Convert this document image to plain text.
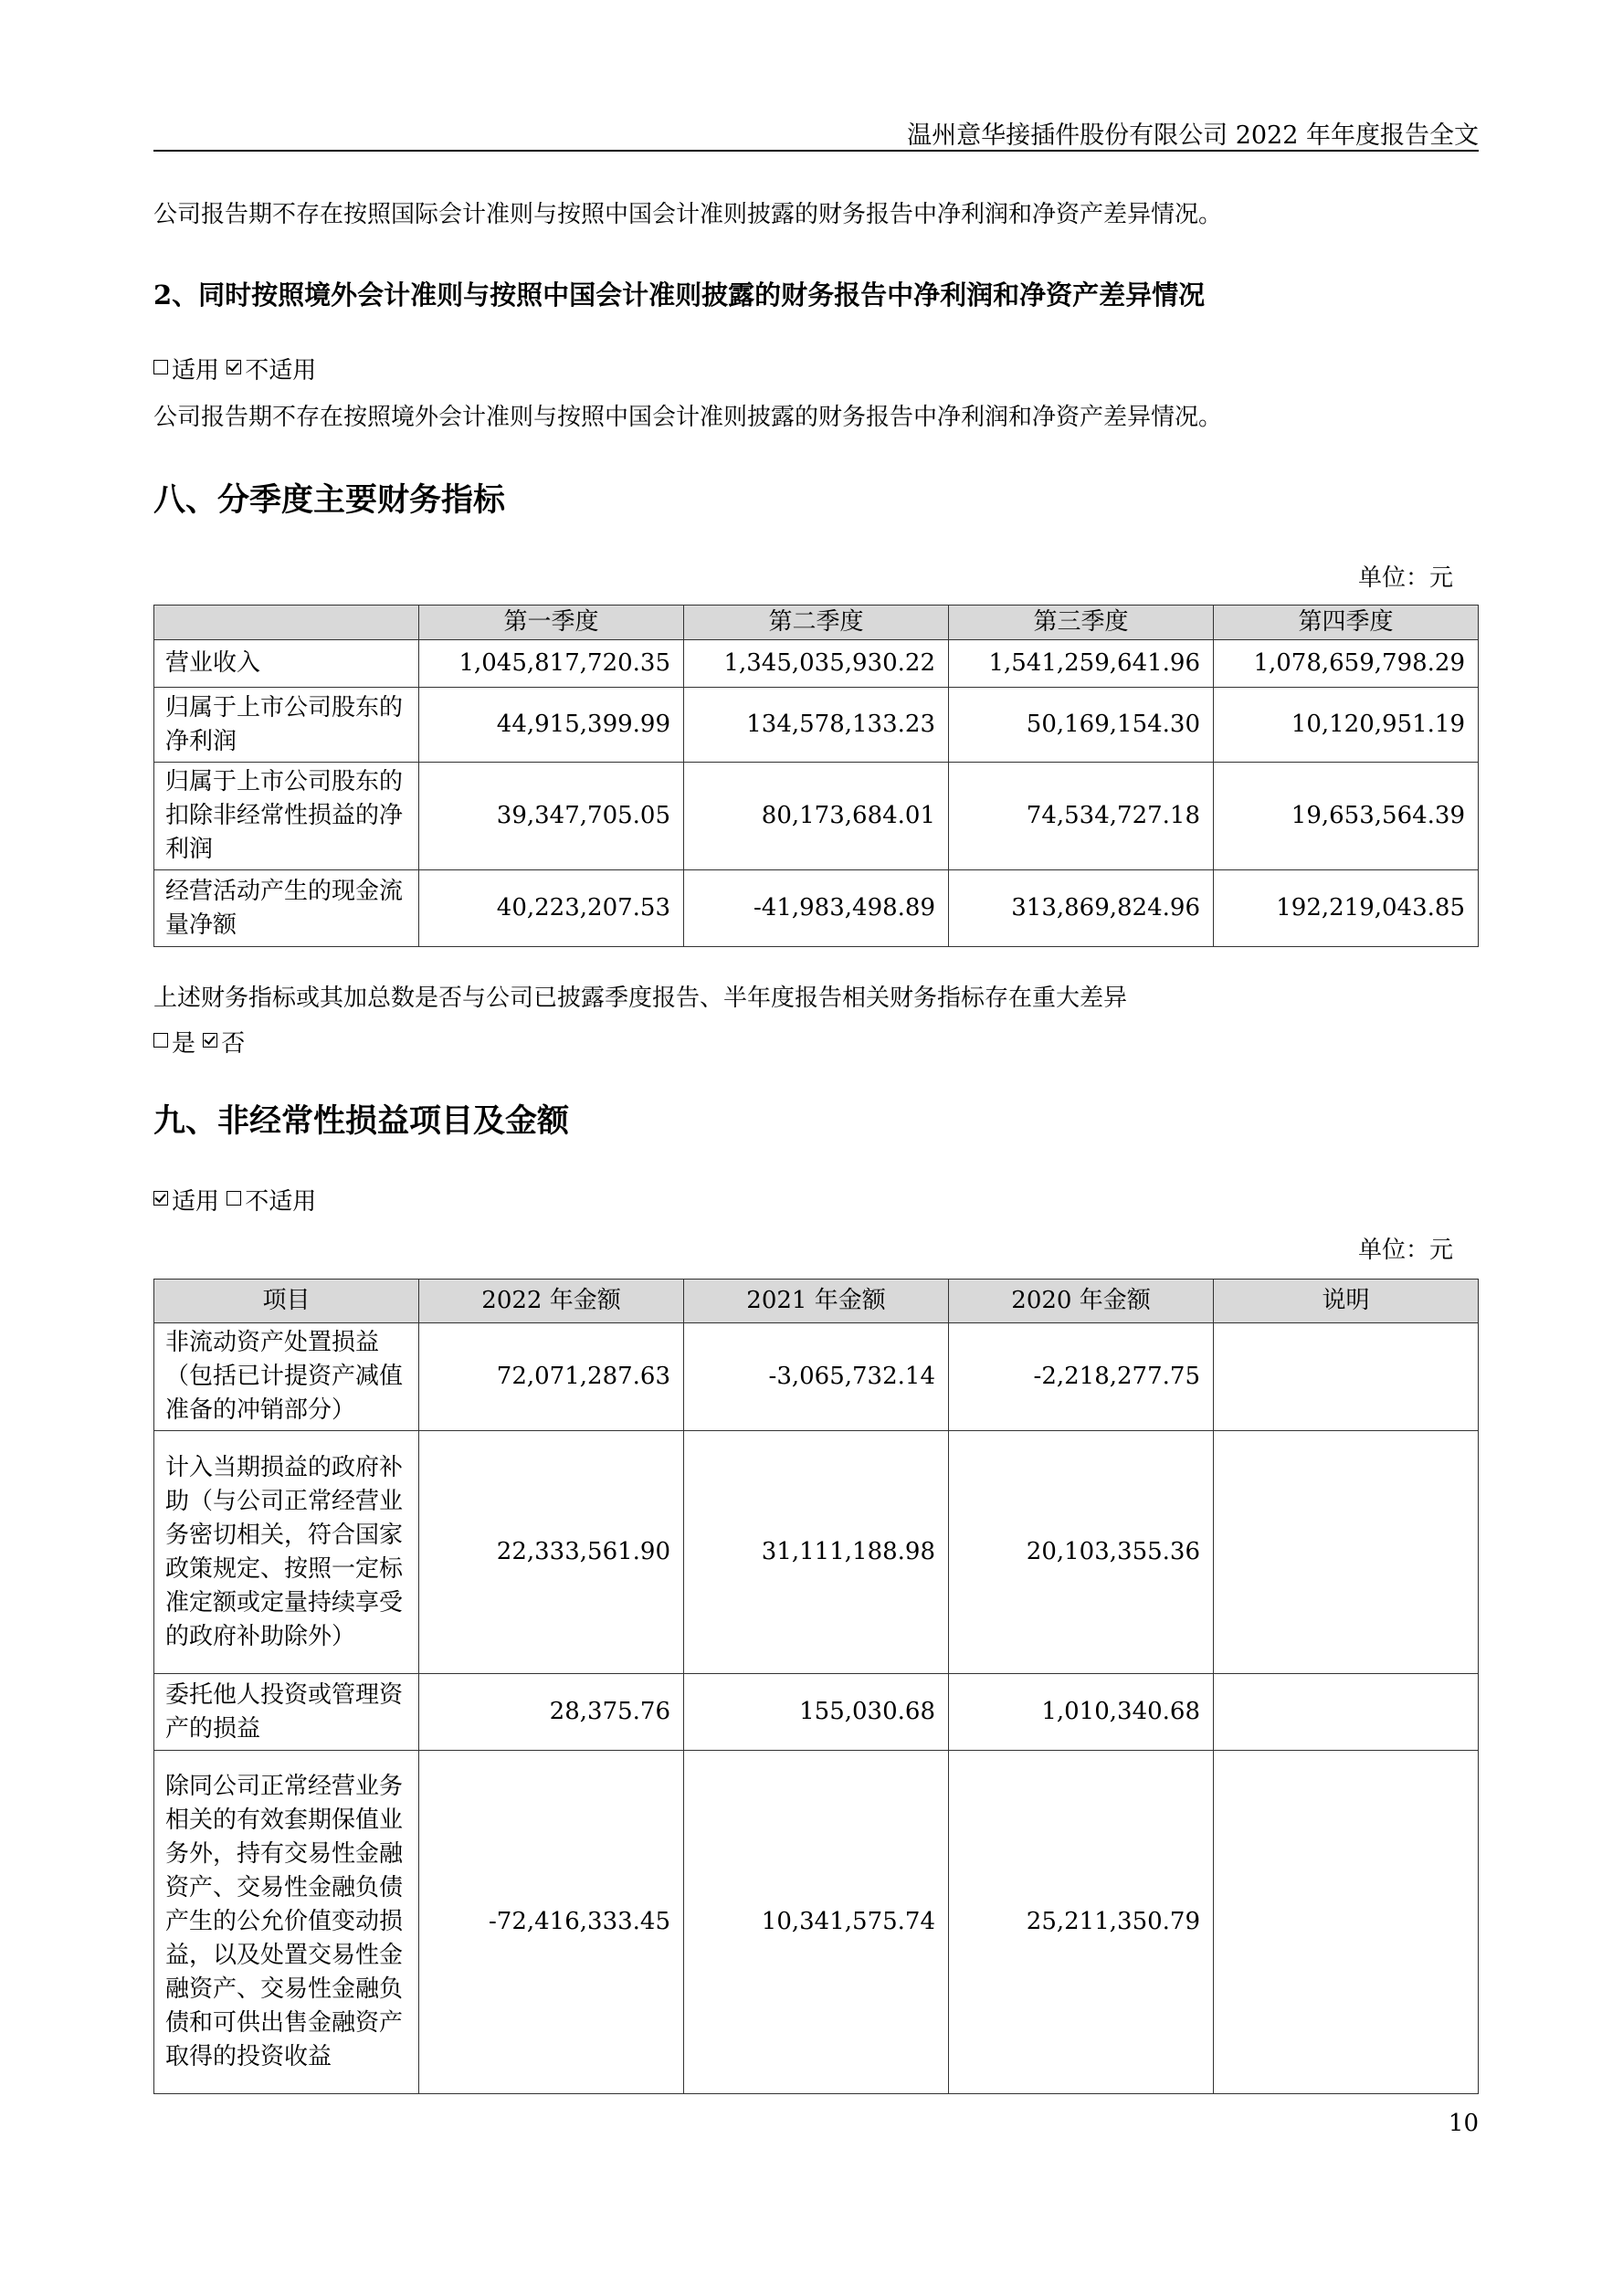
温州意华接插件股份有限公司 2022 年年度报告全文
公司报告期不存在按照国际会计准则与按照中国会计准则披露的财务报告中净利润和净资产差异情况。
2、同时按照境外会计准则与按照中国会计准则披露的财务报告中净利润和净资产差异情况
适用 不适用
公司报告期不存在按照境外会计准则与按照中国会计准则披露的财务报告中净利润和净资产差异情况。
八、分季度主要财务指标
单位：元
	第一季度	第二季度	第三季度	第四季度
营业收入	1,045,817,720.35	1,345,035,930.22	1,541,259,641.96	1,078,659,798.29
归属于上市公司股东的净利润	44,915,399.99	134,578,133.23	50,169,154.30	10,120,951.19
归属于上市公司股东的扣除非经常性损益的净利润	39,347,705.05	80,173,684.01	74,534,727.18	19,653,564.39
经营活动产生的现金流量净额	40,223,207.53	-41,983,498.89	313,869,824.96	192,219,043.85
上述财务指标或其加总数是否与公司已披露季度报告、半年度报告相关财务指标存在重大差异
是 否
九、非经常性损益项目及金额
适用 不适用
单位：元
项目	2022 年金额	2021 年金额	2020 年金额	说明
非流动资产处置损益（包括已计提资产减值准备的冲销部分）	72,071,287.63	-3,065,732.14	-2,218,277.75	
计入当期损益的政府补助（与公司正常经营业务密切相关，符合国家政策规定、按照一定标准定额或定量持续享受的政府补助除外）	22,333,561.90	31,111,188.98	20,103,355.36	
委托他人投资或管理资产的损益	28,375.76	155,030.68	1,010,340.68	
除同公司正常经营业务相关的有效套期保值业务外，持有交易性金融资产、交易性金融负债产生的公允价值变动损益，以及处置交易性金融资产、交易性金融负债和可供出售金融资产取得的投资收益	-72,416,333.45	10,341,575.74	25,211,350.79	
10
